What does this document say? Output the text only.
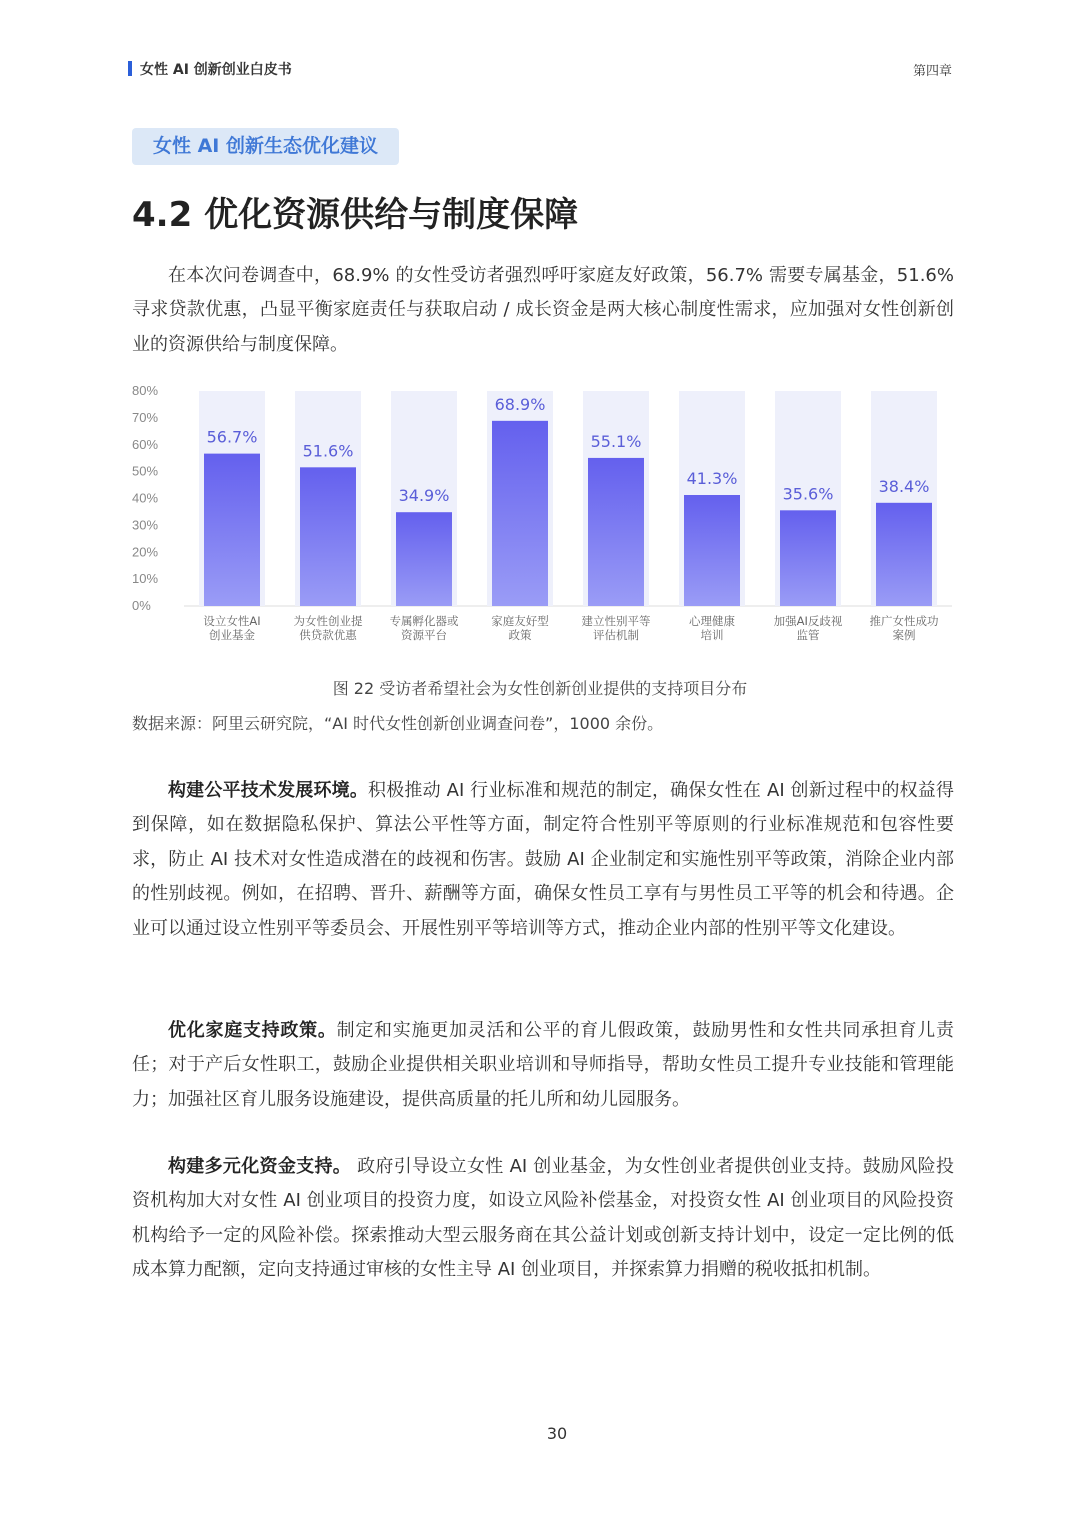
女性 AI 创新创业白皮书	第四章
女性 AI 创新生态优化建议
4.2 优化资源供给与制度保障

在本次问卷调查中，68.9% 的女性受访者强烈呼吁家庭友好政策，56.7% 需要专属基金，51.6% 寻求贷款优惠，凸显平衡家庭责任与获取启动 / 成长资金是两大核心制度性需求，应加强对女性创新创业的资源供给与制度保障。

0%
10%
20%
30%
40%
50%
60%
70%
80%
56.7%
设立女性AI
创业基金
51.6%
为女性创业提
供贷款优惠
34.9%
专属孵化器或
资源平台
68.9%
家庭友好型
政策
55.1%
建立性别平等
评估机制
41.3%
心理健康
培训
35.6%
加强AI反歧视
监管
38.4%
推广女性成功
案例
图 22 受访者希望社会为女性创新创业提供的支持项目分布
数据来源：阿里云研究院，“AI 时代女性创新创业调查问卷”，1000 余份。

构建公平技术发展环境。积极推动 AI 行业标准和规范的制定，确保女性在 AI 创新过程中的权益得到保障，如在数据隐私保护、算法公平性等方面，制定符合性别平等原则的行业标准规范和包容性要求，防止 AI 技术对女性造成潜在的歧视和伤害。鼓励 AI 企业制定和实施性别平等政策，消除企业内部的性别歧视。例如，在招聘、晋升、薪酬等方面，确保女性员工享有与男性员工平等的机会和待遇。企业可以通过设立性别平等委员会、开展性别平等培训等方式，推动企业内部的性别平等文化建设。

优化家庭支持政策。制定和实施更加灵活和公平的育儿假政策，鼓励男性和女性共同承担育儿责任；对于产后女性职工，鼓励企业提供相关职业培训和导师指导，帮助女性员工提升专业技能和管理能力；加强社区育儿服务设施建设，提供高质量的托儿所和幼儿园服务。

构建多元化资金支持。 政府引导设立女性 AI 创业基金，为女性创业者提供创业支持。鼓励风险投资机构加大对女性 AI 创业项目的投资力度，如设立风险补偿基金，对投资女性 AI 创业项目的风险投资机构给予一定的风险补偿。探索推动大型云服务商在其公益计划或创新支持计划中，设定一定比例的低成本算力配额，定向支持通过审核的女性主导 AI 创业项目，并探索算力捐赠的税收抵扣机制。

30
